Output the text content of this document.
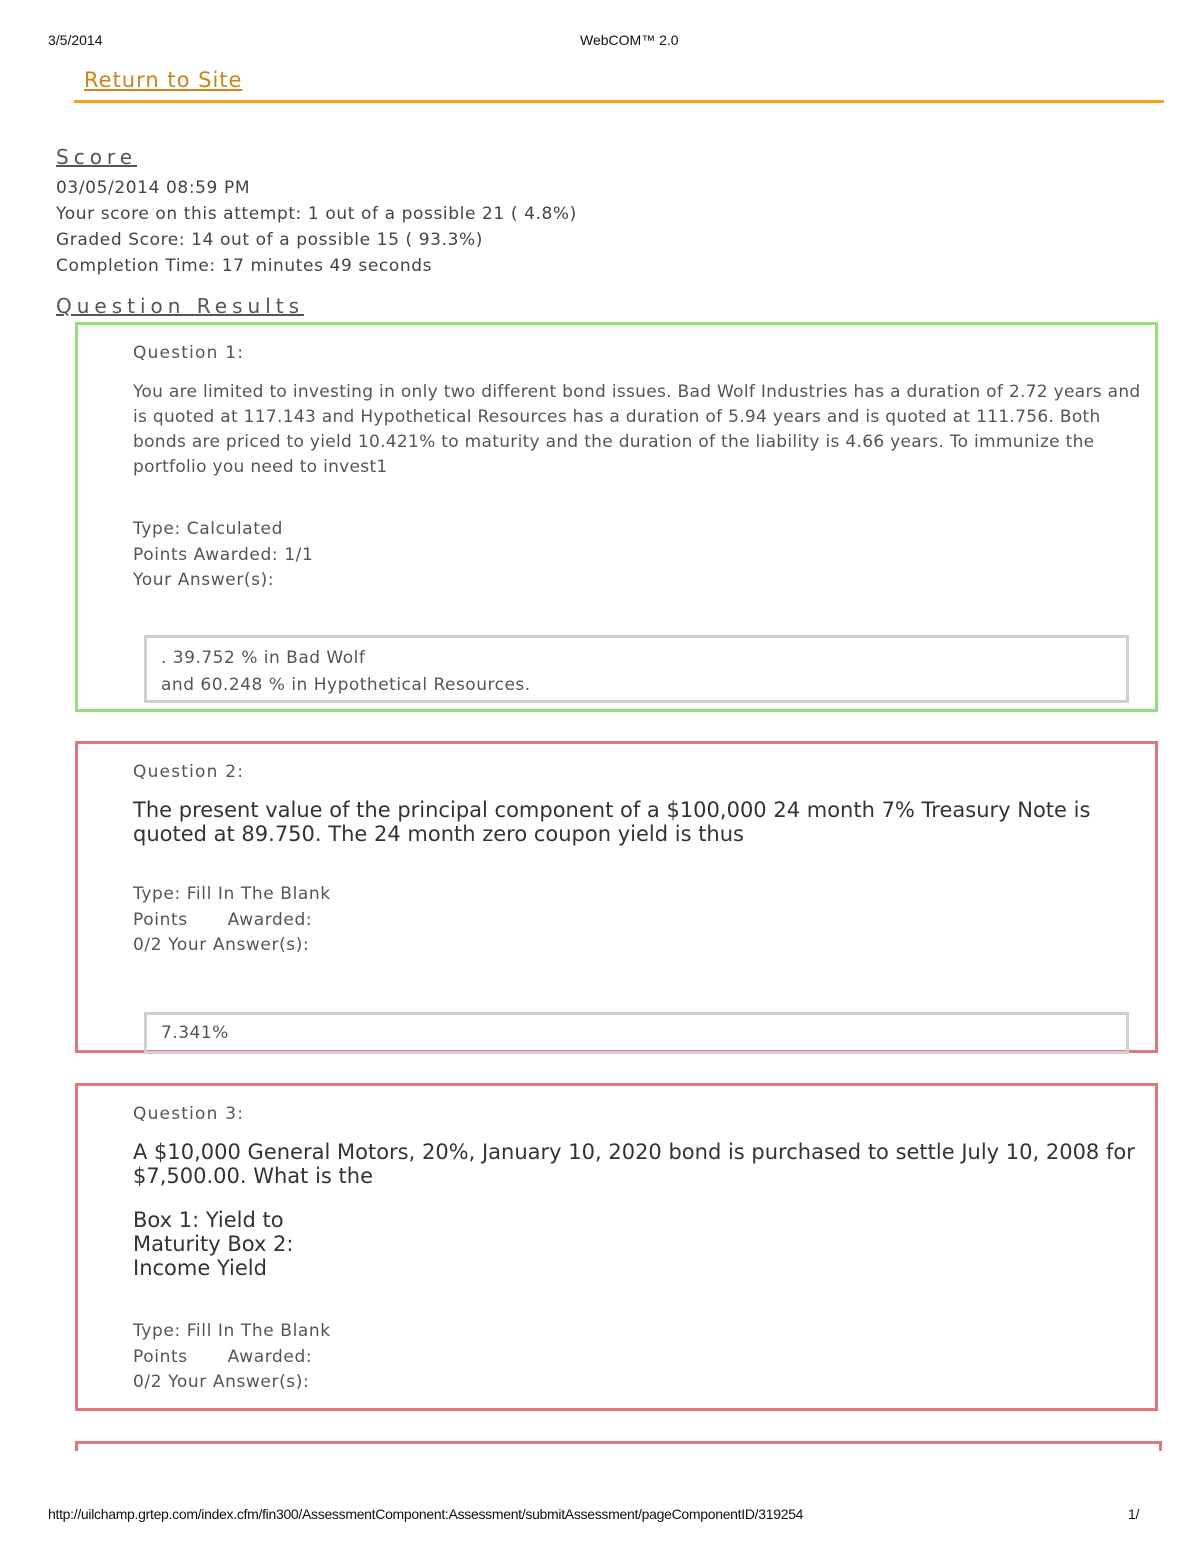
3/5/2014	WebCOM™ 2.0
Return to Site
Score
03/05/2014 08:59 PM
Your score on this attempt: 1 out of a possible 21 ( 4.8%)
Graded Score: 14 out of a possible 15 ( 93.3%)
Completion Time: 17 minutes 49 seconds
Question Results
Question 1:
You are limited to investing in only two different bond issues. Bad Wolf Industries has a duration of 2.72 years and is quoted at 117.143 and Hypothetical Resources has a duration of 5.94 years and is quoted at 111.756. Both bonds are priced to yield 10.421% to maturity and the duration of the liability is 4.66 years. To immunize the portfolio you need to invest1
Type: Calculated
Points Awarded: 1/1
Your Answer(s):
. 39.752 % in Bad Wolf
and 60.248 % in Hypothetical Resources.
Question 2:
The present value of the principal component of a $100,000 24 month 7% Treasury Note is quoted at 89.750. The 24 month zero coupon yield is thus
Type: Fill In The Blank
Points Awarded:
0/2 Your Answer(s):
7.341%
Question 3:
A $10,000 General Motors, 20%, January 10, 2020 bond is purchased to settle July 10, 2008 for $7,500.00. What is the
Box 1: Yield to
Maturity Box 2:
Income Yield
Type: Fill In The Blank
Points Awarded:
0/2 Your Answer(s):
http://uilchamp.grtep.com/index.cfm/fin300/AssessmentComponent:Assessment/submitAssessment/pageComponentID/319254	1/
